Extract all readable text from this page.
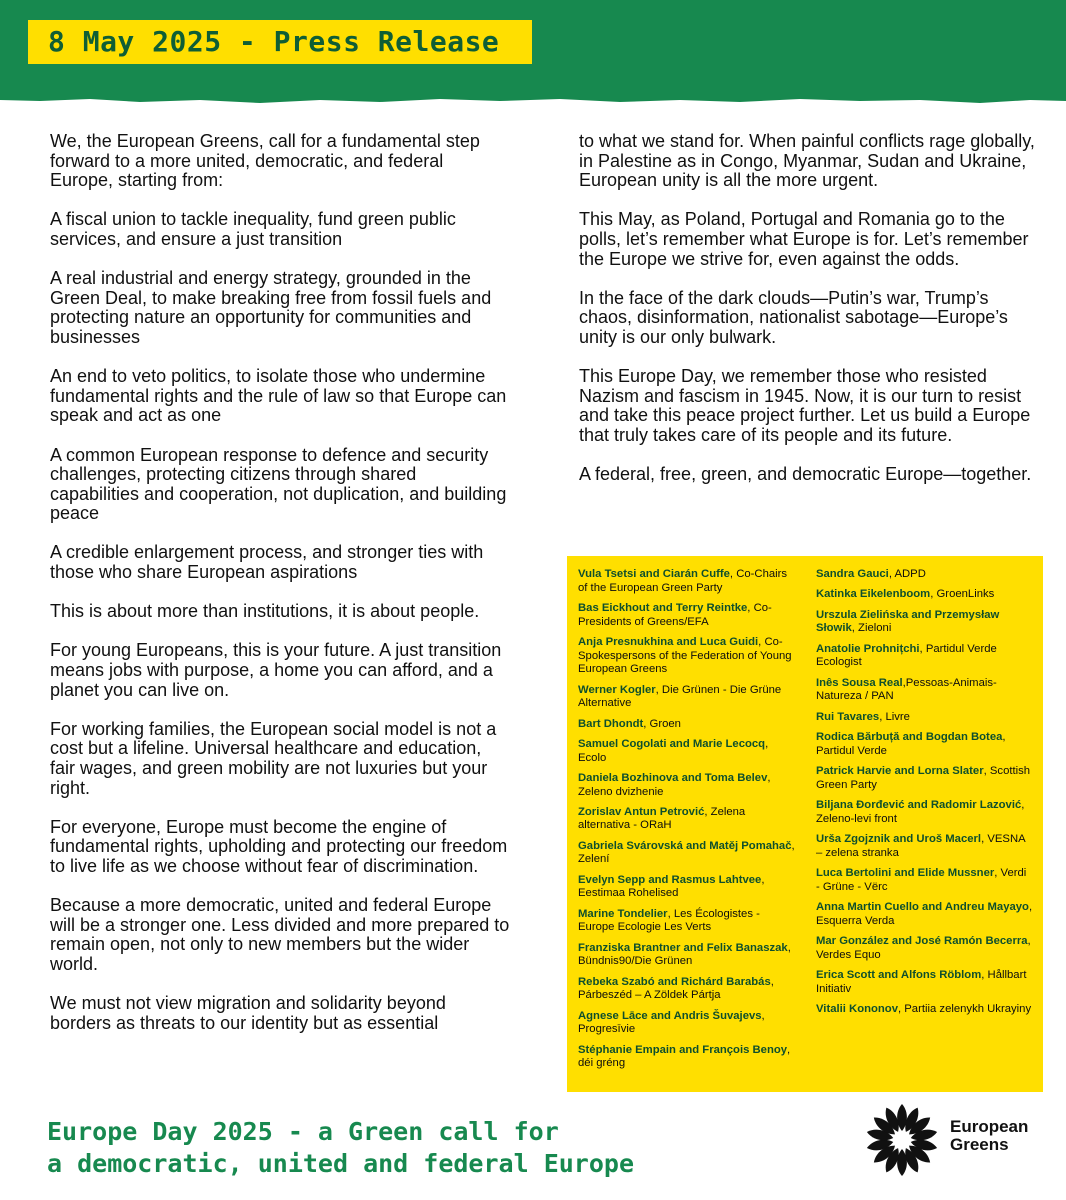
8 May 2025 - Press Release

We, the European Greens, call for a fundamental step forward to a more united, democratic, and federal Europe, starting from:

A fiscal union to tackle inequality, fund green public services, and ensure a just transition

A real industrial and energy strategy, grounded in the Green Deal, to make breaking free from fossil fuels and protecting nature an opportunity for communities and businesses

An end to veto politics, to isolate those who undermine fundamental rights and the rule of law so that Europe can speak and act as one

A common European response to defence and security challenges, protecting citizens through shared capabilities and cooperation, not duplication, and building peace

A credible enlargement process, and stronger ties with those who share European aspirations

This is about more than institutions, it is about people.

For young Europeans, this is your future. A just transition means jobs with purpose, a home you can afford, and a planet you can live on.

For working families, the European social model is not a cost but a lifeline. Universal healthcare and education, fair wages, and green mobility are not luxuries but your right.

For everyone, Europe must become the engine of fundamental rights, upholding and protecting our freedom to live life as we choose without fear of discrimination.

Because a more democratic, united and federal Europe will be a stronger one. Less divided and more prepared to remain open, not only to new members but the wider world.

We must not view migration and solidarity beyond borders as threats to our identity but as essential

to what we stand for. When painful conflicts rage globally, in Palestine as in Congo, Myanmar, Sudan and Ukraine, European unity is all the more urgent.

This May, as Poland, Portugal and Romania go to the polls, let’s remember what Europe is for. Let’s remember the Europe we strive for, even against the odds.

In the face of the dark clouds—Putin’s war, Trump’s chaos, disinformation, nationalist sabotage—Europe’s unity is our only bulwark.

This Europe Day, we remember those who resisted Nazism and fascism in 1945. Now, it is our turn to resist and take this peace project further. Let us build a Europe that truly takes care of its people and its future.

A federal, free, green, and democratic Europe—together.

Vula Tsetsi and Ciarán Cuffe, Co-Chairs of the European Green Party
Bas Eickhout and Terry Reintke, Co-Presidents of Greens/EFA
Anja Presnukhina and Luca Guidi, Co-Spokespersons of the Federation of Young European Greens
Werner Kogler, Die Grünen - Die Grüne Alternative
Bart Dhondt, Groen
Samuel Cogolati and Marie Lecocq, Ecolo
Daniela Bozhinova and Toma Belev, Zeleno dvizhenie
Zorislav Antun Petrović, Zelena alternativa - ORaH
Gabriela Svárovská and Matěj Pomahač, Zelení
Evelyn Sepp and Rasmus Lahtvee, Eestimaa Rohelised
Marine Tondelier, Les Écologistes - Europe Ecologie Les Verts
Franziska Brantner and Felix Banaszak, Bündnis90/Die Grünen
Rebeka Szabó and Richárd Barabás, Párbeszéd – A Zöldek Pártja
Agnese Lāce and Andris Šuvajevs, Progresīvie
Stéphanie Empain and François Benoy, déi gréng
Sandra Gauci, ADPD
Katinka Eikelenboom, GroenLinks
Urszula Zielińska and Przemysław Słowik, Zieloni
Anatolie Prohnițchi, Partidul Verde Ecologist
Inês Sousa Real,Pessoas-Animais-Natureza / PAN
Rui Tavares, Livre
Rodica Bărbuță and Bogdan Botea, Partidul Verde
Patrick Harvie and Lorna Slater, Scottish Green Party
Biljana Đorđević and Radomir Lazović, Zeleno-levi front
Urša Zgojznik and Uroš Macerl, VESNA – zelena stranka
Luca Bertolini and Elide Mussner, Verdi - Grüne - Vërc
Anna Martin Cuello and Andreu Mayayo, Esquerra Verda
Mar González and José Ramón Becerra, Verdes Equo
Erica Scott and Alfons Röblom, Hållbart Initiativ
Vitalii Kononov, Partiia zelenykh Ukrayiny
Europe Day 2025 - a Green call for
a democratic, united and federal Europe
European
Greens
